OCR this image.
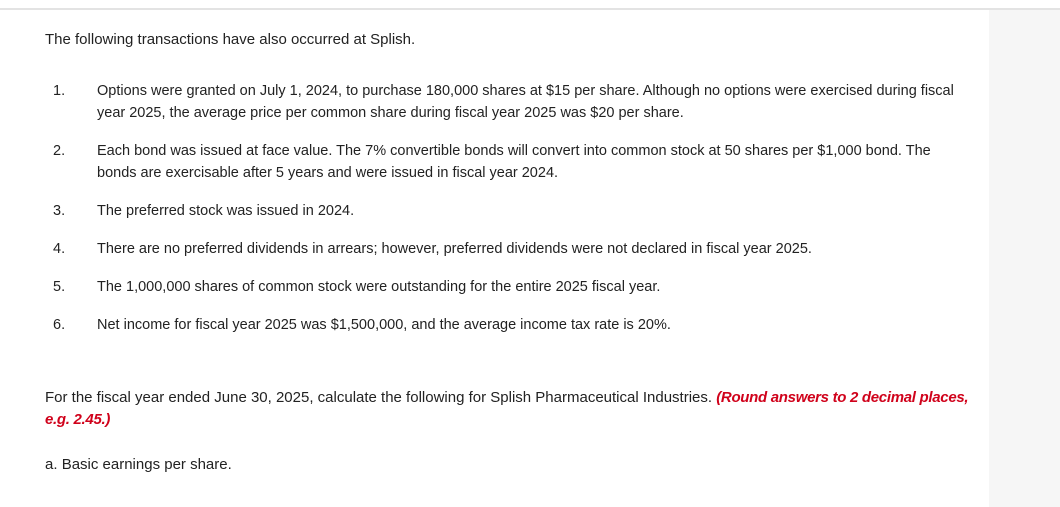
The following transactions have also occurred at Splish.

1.	Options were granted on July 1, 2024, to purchase 180,000 shares at $15 per share. Although no options were exercised during fiscal year 2025, the average price per common share during fiscal year 2025 was $20 per share.
2.	Each bond was issued at face value. The 7% convertible bonds will convert into common stock at 50 shares per $1,000 bond. The bonds are exercisable after 5 years and were issued in fiscal year 2024.
3.	The preferred stock was issued in 2024.
4.	There are no preferred dividends in arrears; however, preferred dividends were not declared in fiscal year 2025.
5.	The 1,000,000 shares of common stock were outstanding for the entire 2025 fiscal year.
6.	Net income for fiscal year 2025 was $1,500,000, and the average income tax rate is 20%.

For the fiscal year ended June 30, 2025, calculate the following for Splish Pharmaceutical Industries. (Round answers to 2 decimal places, e.g. 2.45.)

a. Basic earnings per share.
